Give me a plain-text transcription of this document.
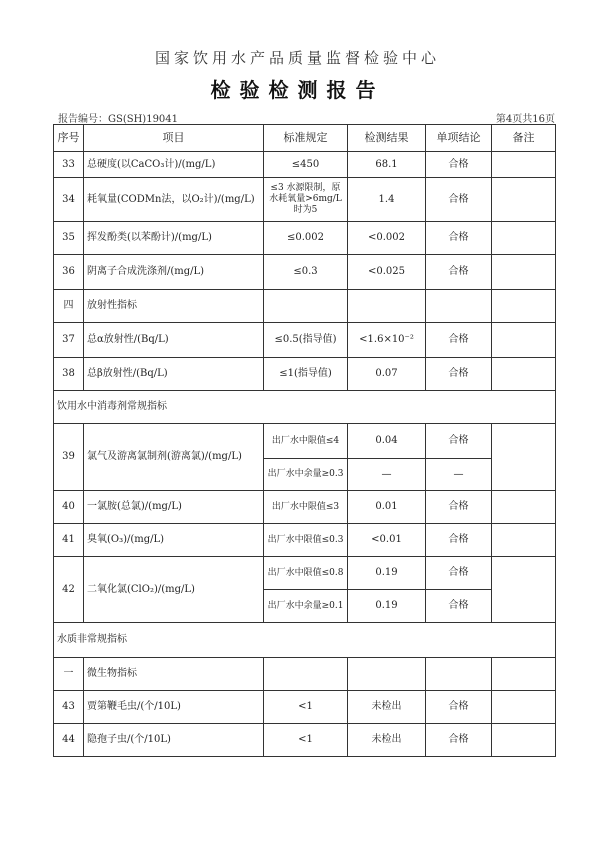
国家饮用水产品质量监督检验中心
检验检测报告
报告编号：GS(SH)19041	第4页共16页
序号	项目	标准规定	检测结果	单项结论	备注
33	总硬度(以CaCO₃计)/(mg/L)	≤450	68.1	合格	
34	耗氧量(CODMn法，以O₂计)/(mg/L)	≤3 水源限制，原水耗氧量>6mg/L时为5	1.4	合格	
35	挥发酚类(以苯酚计)/(mg/L)	≤0.002	<0.002	合格	
36	阴离子合成洗涤剂/(mg/L)	≤0.3	<0.025	合格	
四	放射性指标				
37	总α放射性/(Bq/L)	≤0.5(指导值)	<1.6×10⁻²	合格	
38	总β放射性/(Bq/L)	≤1(指导值)	0.07	合格	
饮用水中消毒剂常规指标					
39	氯气及游离氯制剂(游离氯)/(mg/L)	出厂水中限值≤4	0.04	合格	
		出厂水中余量≥0.3	—	—	
40	一氯胺(总氯)/(mg/L)	出厂水中限值≤3	0.01	合格	
41	臭氧(O₃)/(mg/L)	出厂水中限值≤0.3	<0.01	合格	
42	二氧化氯(ClO₂)/(mg/L)	出厂水中限值≤0.8	0.19	合格	
		出厂水中余量≥0.1	0.19	合格	
水质非常规指标					
一	微生物指标				
43	贾第鞭毛虫/(个/10L)	<1	未检出	合格	
44	隐孢子虫/(个/10L)	<1	未检出	合格	
